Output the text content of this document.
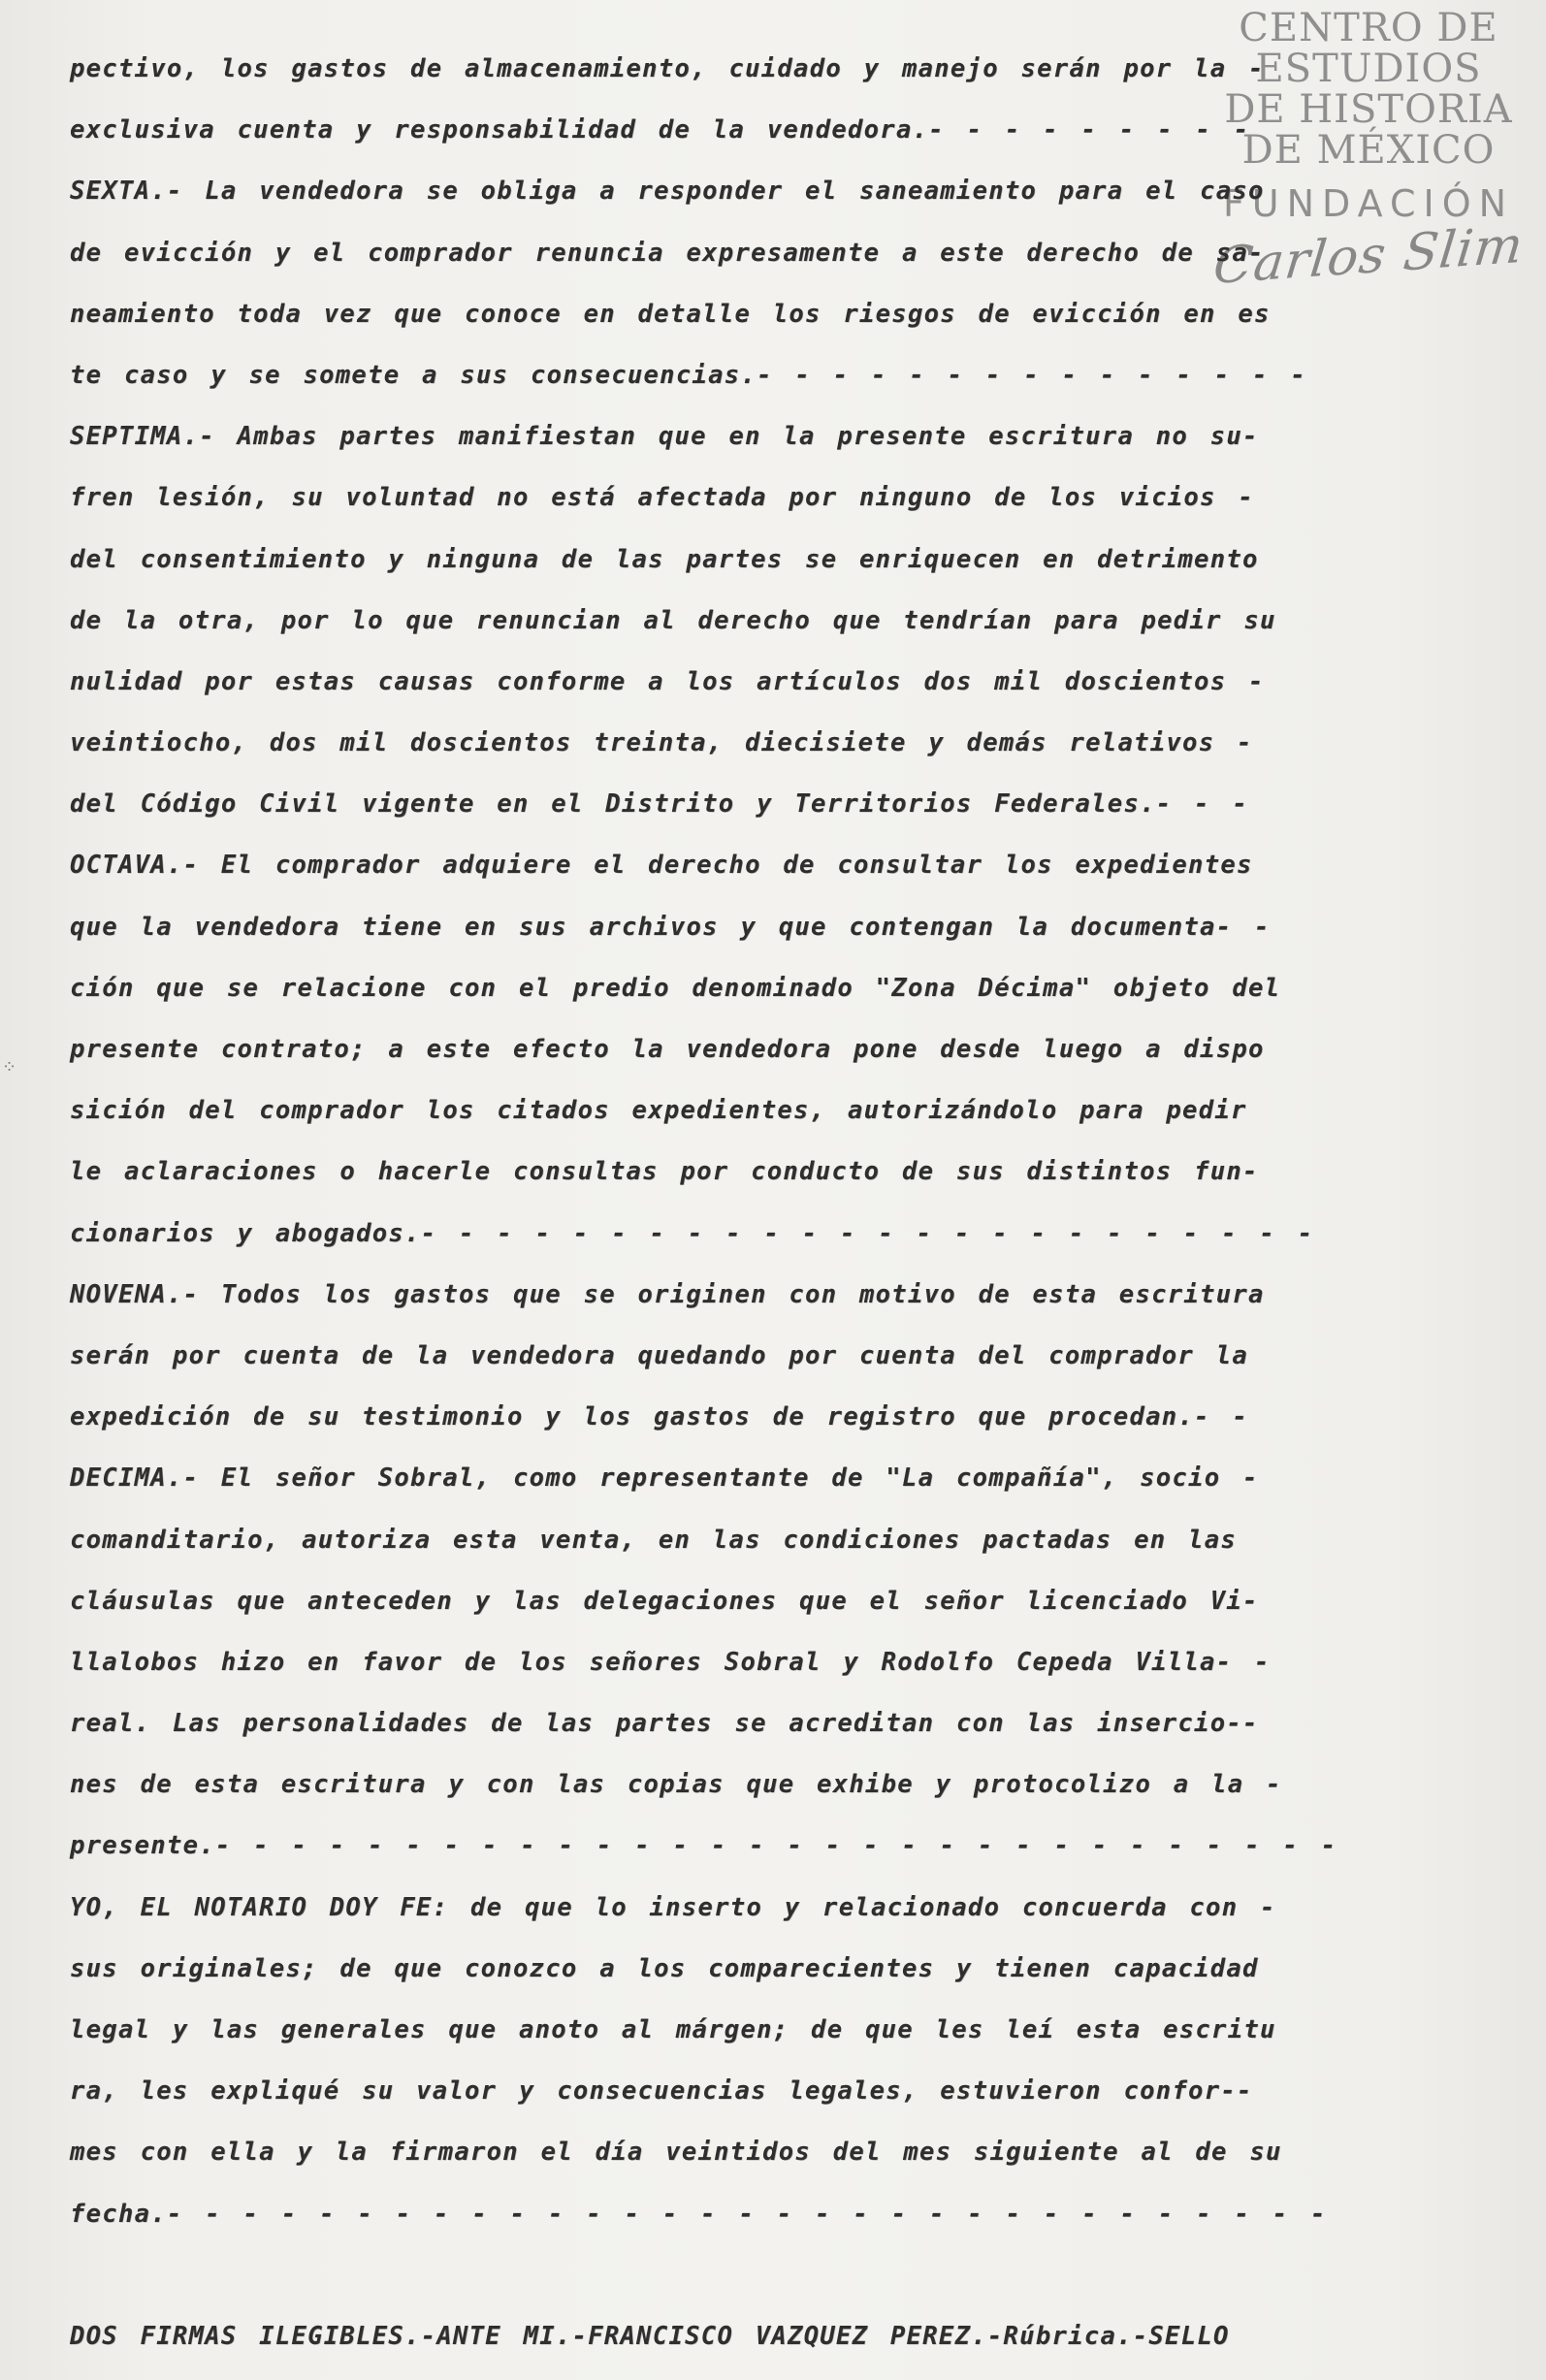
CENTRO DE
ESTUDIOS
DE HISTORIA
DE MÉXICO
FUNDACIÓN
Carlos Slim
⁘
pectivo, los gastos de almacenamiento, cuidado y manejo serán por la -
exclusiva cuenta y responsabilidad de la vendedora.- - - - - - - - -
SEXTA.- La vendedora se obliga a responder el saneamiento para el caso
de evicción y el comprador renuncia expresamente a este derecho de sa-
neamiento toda vez que conoce en detalle los riesgos de evicción en es
te caso y se somete a sus consecuencias.- - - - - - - - - - - - - - -
SEPTIMA.- Ambas partes manifiestan que en la presente escritura no su-
fren lesión, su voluntad no está afectada por ninguno de los vicios -
del consentimiento y ninguna de las partes se enriquecen en detrimento
de la otra, por lo que renuncian al derecho que tendrían para pedir su
nulidad por estas causas conforme a los artículos dos mil doscientos -
veintiocho, dos mil doscientos treinta, diecisiete y demás relativos -
del Código Civil vigente en el Distrito y Territorios Federales.- - -
OCTAVA.- El comprador adquiere el derecho de consultar los expedientes
que la vendedora tiene en sus archivos y que contengan la documenta- -
ción que se relacione con el predio denominado "Zona Décima" objeto del
presente contrato; a este efecto la vendedora pone desde luego a dispo
sición del comprador los citados expedientes, autorizándolo para pedir
le aclaraciones o hacerle consultas por conducto de sus distintos fun-
cionarios y abogados.- - - - - - - - - - - - - - - - - - - - - - - -
NOVENA.- Todos los gastos que se originen con motivo de esta escritura
serán por cuenta de la vendedora quedando por cuenta del comprador la
expedición de su testimonio y los gastos de registro que procedan.- -
DECIMA.- El señor Sobral, como representante de "La compañía", socio -
comanditario, autoriza esta venta, en las condiciones pactadas en las
cláusulas que anteceden y las delegaciones que el señor licenciado Vi-
llalobos hizo en favor de los señores Sobral y Rodolfo Cepeda Villa- -
real. Las personalidades de las partes se acreditan con las insercio--
nes de esta escritura y con las copias que exhibe y protocolizo a la -
presente.- - - - - - - - - - - - - - - - - - - - - - - - - - - - - -
YO, EL NOTARIO DOY FE: de que lo inserto y relacionado concuerda con -
sus originales; de que conozco a los comparecientes y tienen capacidad
legal y las generales que anoto al márgen; de que les leí esta escritu
ra, les expliqué su valor y consecuencias legales, estuvieron confor--
mes con ella y la firmaron el día veintidos del mes siguiente al de su
fecha.- - - - - - - - - - - - - - - - - - - - - - - - - - - - - - -
DOS FIRMAS ILEGIBLES.-ANTE MI.-FRANCISCO VAZQUEZ PEREZ.-Rúbrica.-SELLO
